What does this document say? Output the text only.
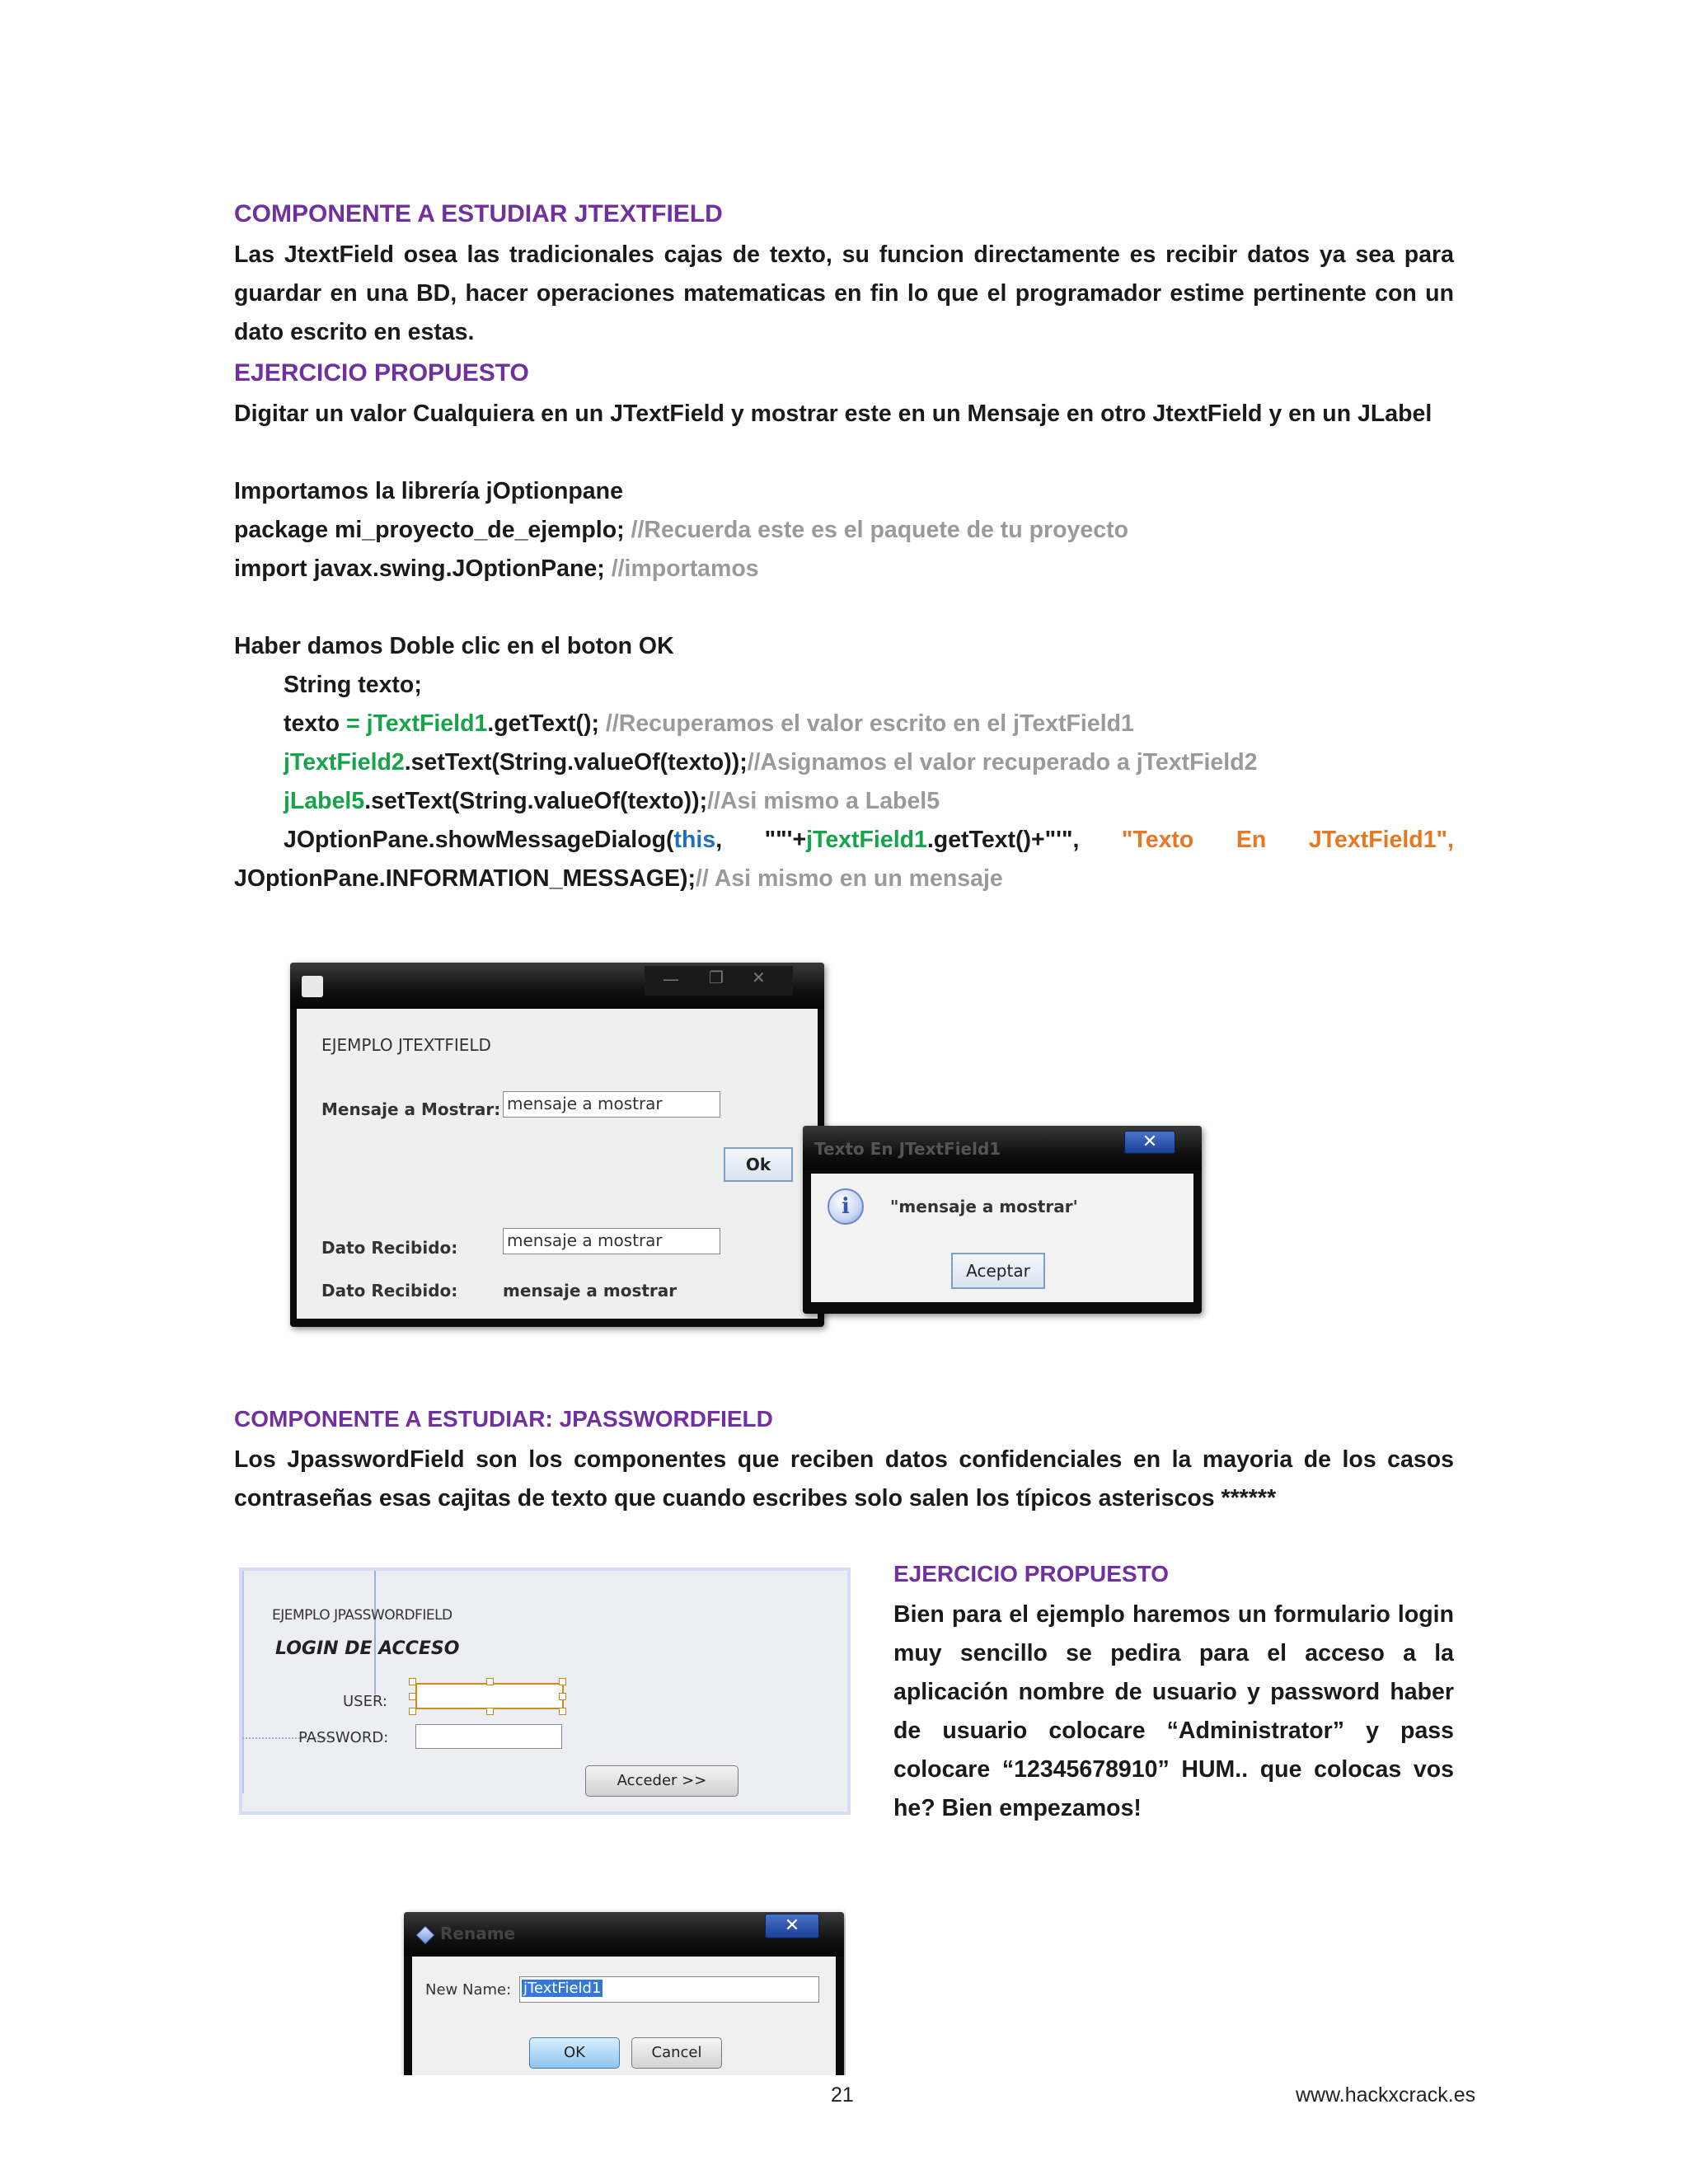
COMPONENTE A ESTUDIAR JTEXTFIELD
Las JtextField osea las tradicionales cajas de texto, su funcion directamente es recibir datos ya sea para guardar en una BD, hacer operaciones matematicas en fin lo que el programador estime pertinente con un dato escrito en estas.
EJERCICIO PROPUESTO
Digitar un valor Cualquiera en un JTextField y mostrar este en un Mensaje en otro JtextField y en un JLabel
Importamos la librería jOptionpane
package mi_proyecto_de_ejemplo; //Recuerda este es el paquete de tu proyecto
import javax.swing.JOptionPane; //importamos
Haber damos Doble clic en el boton OK
String texto;
texto = jTextField1.getText(); //Recuperamos el valor escrito en el jTextField1
jTextField2.setText(String.valueOf(texto));//Asignamos el valor recuperado a jTextField2
jLabel5.setText(String.valueOf(texto));//Asi mismo a Label5
JOptionPane.showMessageDialog(this, ""'+jTextField1.getText()+"'", "Texto En JTextField1",
JOptionPane.INFORMATION_MESSAGE);// Asi mismo en un mensaje
— ❐ ✕
EJEMPLO JTEXTFIELD
Mensaje a Mostrar: mensaje a mostrar
Ok
Dato Recibido:	mensaje a mostrar
Dato Recibido:	mensaje a mostrar
Texto En JTextField1	✕
i	"mensaje a mostrar'
Aceptar
COMPONENTE A ESTUDIAR: JPASSWORDFIELD
Los JpasswordField son los componentes que reciben datos confidenciales en la mayoria de los casos contraseñas esas cajitas de texto que cuando escribes solo salen los típicos asteriscos ******
EJEMPLO JPASSWORDFIELD
LOGIN DE ACCESO
USER:
PASSWORD:
Acceder >>
EJERCICIO PROPUESTO
Bien para el ejemplo haremos un formulario login muy sencillo se pedira para el acceso a la aplicación nombre de usuario y password haber de usuario colocare “Administrator” y pass colocare “12345678910” HUM.. que colocas vos he? Bien empezamos!
Rename	✕
New Name: jTextField1
OK	Cancel
21	www.hackxcrack.es
